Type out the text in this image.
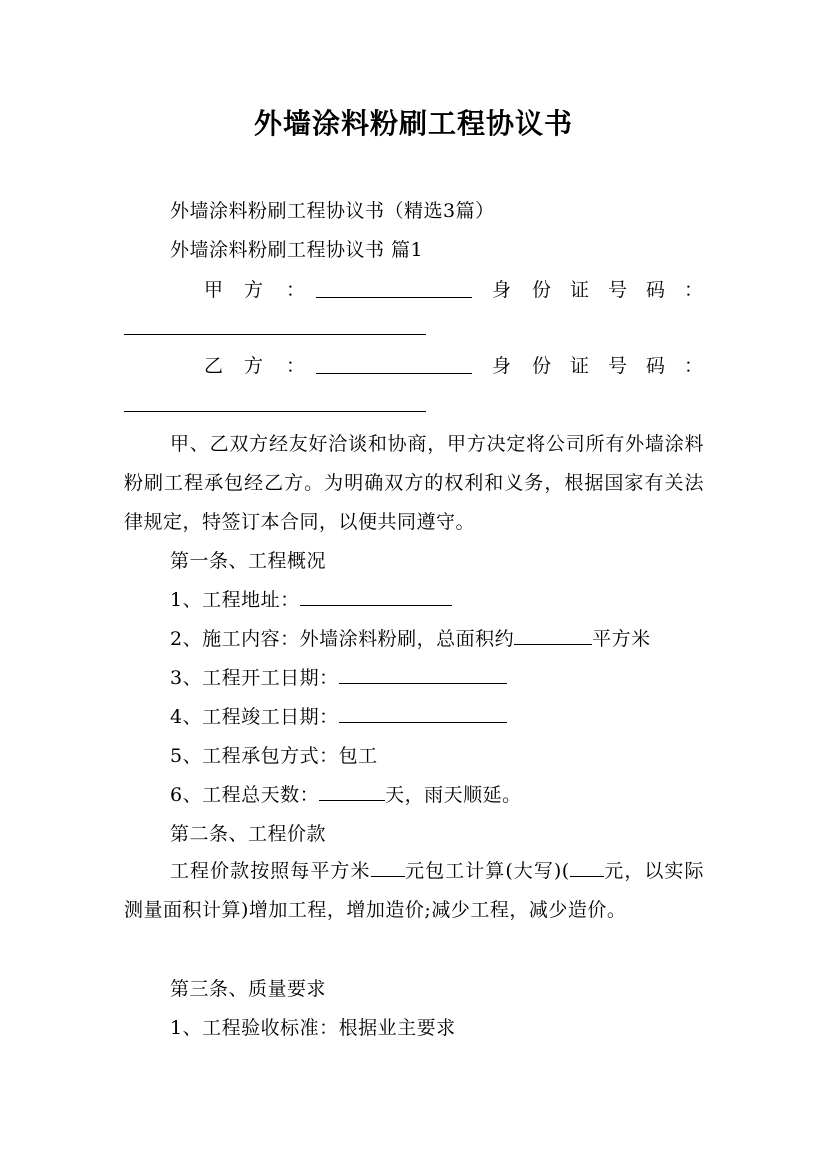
外墙涂料粉刷工程协议书
外墙涂料粉刷工程协议书（精选3篇）
外墙涂料粉刷工程协议书 篇1
甲 方 ：	身 份 证 号 码 ：
乙 方 ：	身 份 证 号 码 ：
甲、乙双方经友好洽谈和协商，甲方决定将公司所有外墙涂料粉刷工程承包经乙方。为明确双方的权利和义务，根据国家有关法律规定，特签订本合同，以便共同遵守。
第一条、工程概况
1、工程地址：
2、施工内容：外墙涂料粉刷，总面积约	平方米
3、工程开工日期：
4、工程竣工日期：
5、工程承包方式：包工
6、工程总天数：	天，雨天顺延。
第二条、工程价款
工程价款按照每平方米 元包工计算(大写)( 元，以实际测量面积计算)增加工程，增加造价;减少工程，减少造价。
第三条、质量要求
1、工程验收标准：根据业主要求
